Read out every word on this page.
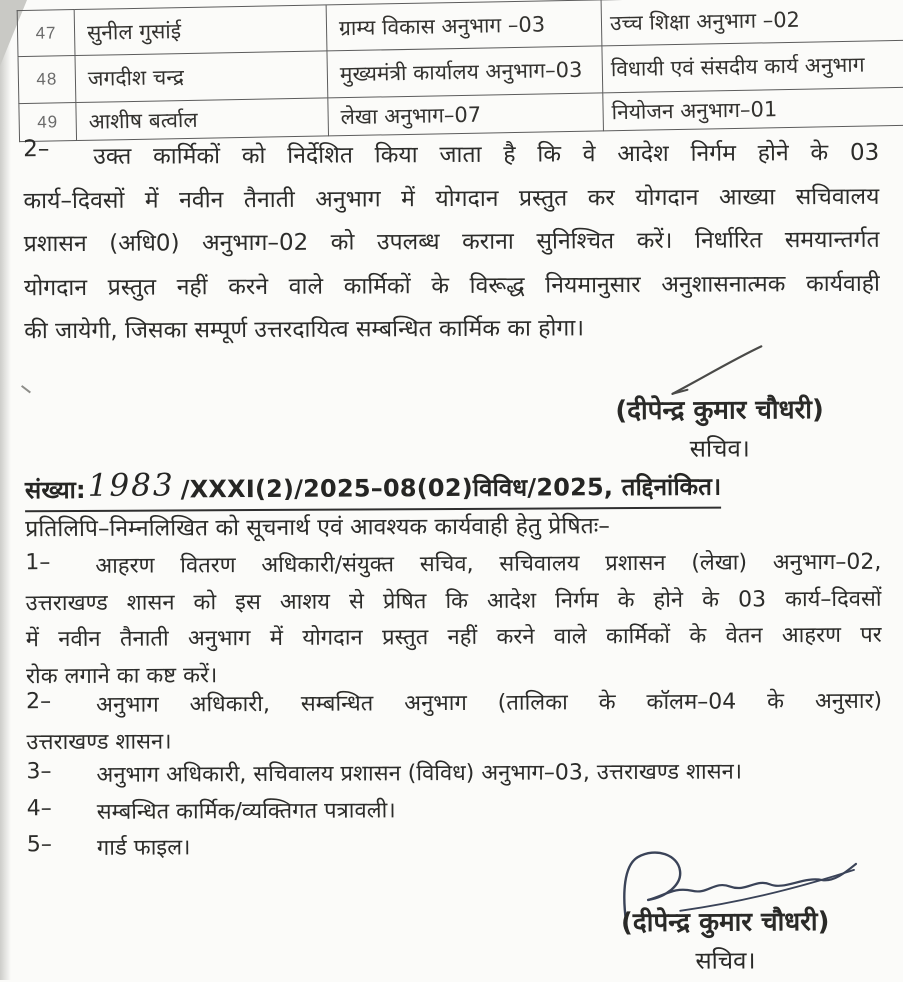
47	सुनील गुसांई	ग्राम्य विकास अनुभाग –03	उच्च शिक्षा अनुभाग –02
48	जगदीश चन्द्र	मुख्यमंत्री कार्यालय अनुभाग–03	विधायी एवं संसदीय कार्य अनुभाग
49	आशीष बर्त्वाल	लेखा अनुभाग–07	नियोजन अनुभाग–01
2– उक्त कार्मिकों को निर्देशित किया जाता है कि वे आदेश निर्गम होने के 03
कार्य–दिवसों में नवीन तैनाती अनुभाग में योगदान प्रस्तुत कर योगदान आख्या सचिवालय
प्रशासन (अधि0) अनुभाग–02 को उपलब्ध कराना सुनिश्चित करें। निर्धारित समयान्तर्गत
योगदान प्रस्तुत नहीं करने वाले कार्मिकों के विरूद्ध नियमानुसार अनुशासनात्मक कार्यवाही
की जायेगी, जिसका सम्पूर्ण उत्तरदायित्व सम्बन्धित कार्मिक का होगा।
(दीपेन्द्र कुमार चौधरी)
सचिव।
संख्या:1983 /XXXI(2)/2025–08(02)विविध/2025, तद्दिनांकित।
प्रतिलिपि–निम्नलिखित को सूचनार्थ एवं आवश्यक कार्यवाही हेतु प्रेषितः–
1– आहरण वितरण अधिकारी/संयुक्त सचिव, सचिवालय प्रशासन (लेखा) अनुभाग–02,
उत्तराखण्ड शासन को इस आशय से प्रेषित कि आदेश निर्गम के होने के 03 कार्य–दिवसों
में नवीन तैनाती अनुभाग में योगदान प्रस्तुत नहीं करने वाले कार्मिकों के वेतन आहरण पर
रोक लगाने का कष्ट करें।
2– अनुभाग अधिकारी, सम्बन्धित अनुभाग (तालिका के कॉलम–04 के अनुसार)
उत्तराखण्ड शासन।
3– अनुभाग अधिकारी, सचिवालय प्रशासन (विविध) अनुभाग–03, उत्तराखण्ड शासन।
4– सम्बन्धित कार्मिक/व्यक्तिगत पत्रावली।
5– गार्ड फाइल।
(दीपेन्द्र कुमार चौधरी)
सचिव।
